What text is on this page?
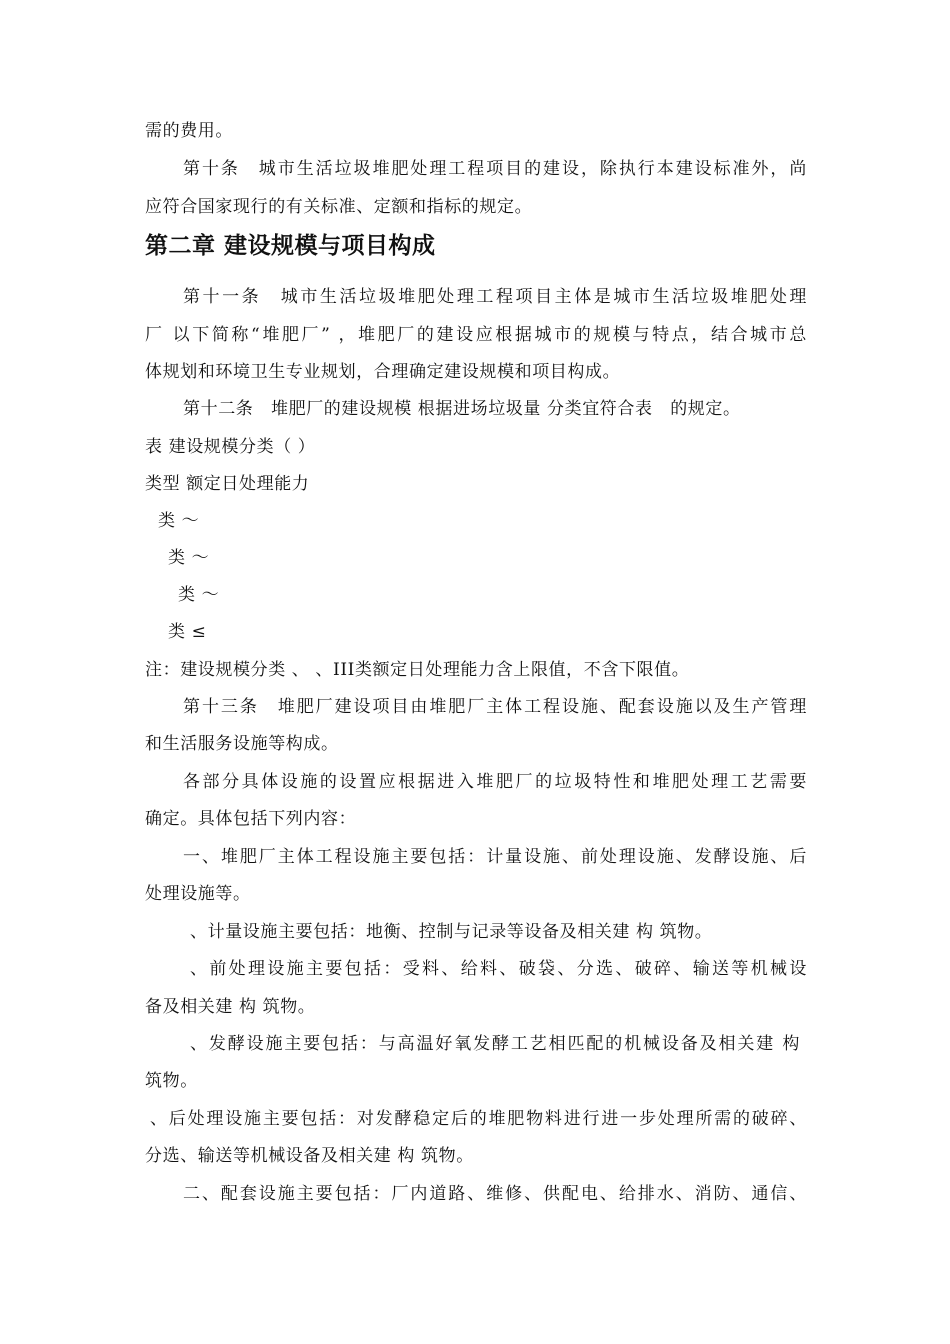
需的费用。
第十条　城市生活垃圾堆肥处理工程项目的建设，除执行本建设标准外，尚
应符合国家现行的有关标准、定额和指标的规定。
第二章 建设规模与项目构成
第十一条　城市生活垃圾堆肥处理工程项目主体是城市生活垃圾堆肥处理
厂 以下简称“堆肥厂” ，堆肥厂的建设应根据城市的规模与特点，结合城市总
体规划和环境卫生专业规划，合理确定建设规模和项目构成。
第十二条　堆肥厂的建设规模 根据进场垃圾量 分类宜符合表　的规定。
表 建设规模分类（ ）
类型 额定日处理能力
类 ～
类 ～
类 ～
类 ≤
注：建设规模分类 、 、III类额定日处理能力含上限值，不含下限值。
第十三条　堆肥厂建设项目由堆肥厂主体工程设施、配套设施以及生产管理
和生活服务设施等构成。
各部分具体设施的设置应根据进入堆肥厂的垃圾特性和堆肥处理工艺需要
确定。具体包括下列内容：
一、堆肥厂主体工程设施主要包括：计量设施、前处理设施、发酵设施、后
处理设施等。
、计量设施主要包括：地衡、控制与记录等设备及相关建 构 筑物。
、前处理设施主要包括：受料、给料、破袋、分选、破碎、输送等机械设
备及相关建 构 筑物。
、发酵设施主要包括：与高温好氧发酵工艺相匹配的机械设备及相关建 构
筑物。
、后处理设施主要包括：对发酵稳定后的堆肥物料进行进一步处理所需的破碎、
分选、输送等机械设备及相关建 构 筑物。
二、配套设施主要包括：厂内道路、维修、供配电、给排水、消防、通信、
